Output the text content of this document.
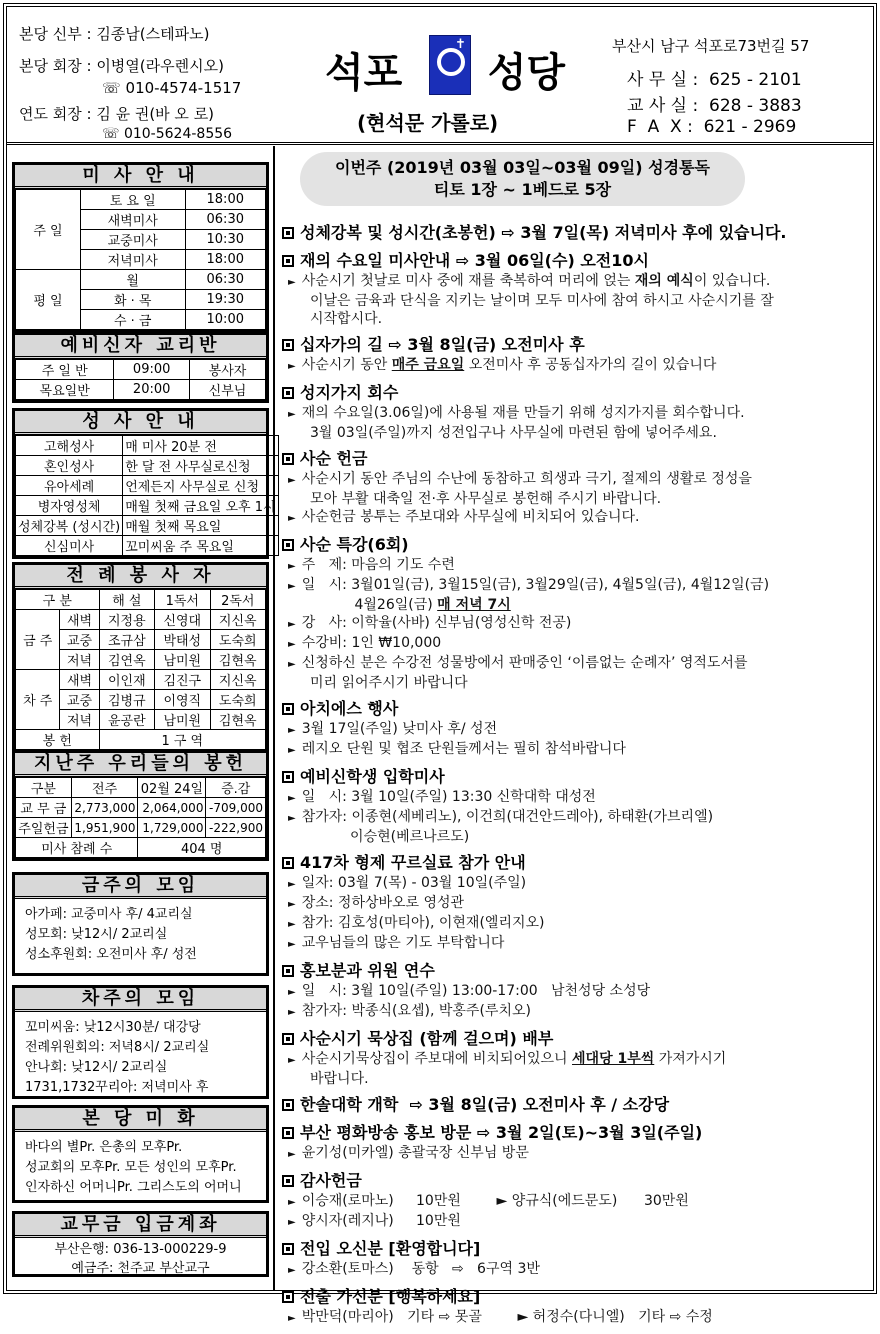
본당 신부 : 김종남(스테파노)
본당 회장 : 이병열(라우렌시오)
☏ 010-4574-1517
연도 회장 : 김 윤 권(바 오 로)
☏ 010-5624-8556
석포
✝
성당
(현석문 가롤로)
부산시 남구 석포로73번길 57
사 무 실 :  625 - 2101
교 사 실 :  628 - 3883
F  A  X :  621 - 2969
미 사 안 내
주 일	토 요 일	18:00
	새벽미사	06:30
	교중미사	10:30
	저녁미사	18:00
평 일	월	06:30
	화 · 목	19:30
	수 · 금	10:00
예비신자 교리반
주 일 반	09:00	봉사자
목요일반	20:00	신부님
성 사 안 내
고해성사	매 미사 20분 전
혼인성사	한 달 전 사무실로신청
유아세례	언제든지 사무실로 신청
병자영성체	매월 첫째 금요일 오후 1시
성체강복 (성시간)	매월 첫째 목요일
신심미사	꼬미씨움 주 목요일
전 례 봉 사 자
구 분		해 설	1독서	2독서
금 주	새벽	지정용	신영대	지신옥
	교중	조규삼	박태성	도숙희
	저녁	김연옥	남미원	김현옥
차 주	새벽	이인재	김진구	지신옥
	교중	김병규	이영직	도숙희
	저녁	윤공란	남미원	김현옥
봉 헌		1 구 역		
지난주 우리들의 봉헌
구분	전주	02월 24일	증.감
교 무 금	2,773,000	2,064,000	-709,000
주일헌금	1,951,900	1,729,000	-222,900
미사 참례 수		404 명	
금주의 모임
아가페: 교중미사 후/ 4교리실
성모회: 낮12시/ 2교리실
성소후원회: 오전미사 후/ 성전
차주의 모임
꼬미씨움: 낮12시30분/ 대강당
전례위원회의: 저녁8시/ 2교리실
안나회: 낮12시/ 2교리실
1731,1732꾸리아: 저녁미사 후
본 당 미 화
바다의 별Pr. 은총의 모후Pr.
성교회의 모후Pr. 모든 성인의 모후Pr.
인자하신 어머니Pr. 그리스도의 어머니
교무금 입금계좌
부산은행: 036-13-000229-9
예금주: 천주교 부산교구
이번주 (2019년 03월 03일~03월 09일) 성경통독
티토 1장 ~ 1베드로 5장
성체강복 및 성시간(초봉헌) ⇨ 3월 7일(목) 저녁미사 후에 있습니다.
재의 수요일 미사안내 ⇨ 3월 06일(수) 오전10시
► 사순시기 첫날로 미사 중에 재를 축복하여 머리에 얹는 재의 예식이 있습니다.
이날은 금육과 단식을 지키는 날이며 모두 미사에 참여 하시고 사순시기를 잘
시작합시다.
십자가의 길 ⇨ 3월 8일(금) 오전미사 후
► 사순시기 동안 매주 금요일 오전미사 후 공동십자가의 길이 있습니다
성지가지 회수
► 재의 수요일(3.06일)에 사용될 재를 만들기 위해 성지가지를 회수합니다.
3월 03일(주일)까지 성전입구나 사무실에 마련된 함에 넣어주세요.
사순 헌금
► 사순시기 동안 주님의 수난에 동참하고 희생과 극기, 절제의 생활로 정성을
모아 부활 대축일 전·후 사무실로 봉헌해 주시기 바랍니다.
► 사순헌금 봉투는 주보대와 사무실에 비치되어 있습니다.
사순 특강(6회)
► 주   제: 마음의 기도 수련
► 일   시: 3월01일(금), 3월15일(금), 3월29일(금), 4월5일(금), 4월12일(금)
4월26일(금) 매 저녁 7시
► 강   사: 이학율(사바) 신부님(영성신학 전공)
► 수강비: 1인 ₩10,000
► 신청하신 분은 수강전 성물방에서 판매중인 ‘이름없는 순례자’ 영적도서를
미리 읽어주시기 바랍니다
아치에스 행사
► 3월 17일(주일) 낮미사 후/ 성전
► 레지오 단원 및 협조 단원들께서는 필히 참석바랍니다
예비신학생 입학미사
► 일   시: 3월 10일(주일) 13:30 신학대학 대성전
► 참가자: 이종현(세베리노), 이건희(대건안드레아), 하태환(가브리엘)
이승현(베르나르도)
417차 형제 꾸르실료 참가 안내
► 일자: 03월 7(목) - 03월 10일(주일)
► 장소: 정하상바오로 영성관
► 참가: 김호성(마티아), 이현재(엘리지오)
► 교우님들의 많은 기도 부탁합니다
홍보분과 위원 연수
► 일   시: 3월 10일(주일) 13:00-17:00   남천성당 소성당
► 참가자: 박종식(요셉), 박홍주(루치오)
사순시기 묵상집 (함께 걸으며) 배부
► 사순시기묵상집이 주보대에 비치되어있으니 세대당 1부씩 가져가시기
바랍니다.
한솔대학 개학  ⇨ 3월 8일(금) 오전미사 후 / 소강당
부산 평화방송 홍보 방문 ⇨ 3월 2일(토)~3월 3일(주일)
► 윤기성(미카엘) 총괄국장 신부님 방문
감사헌금
► 이승재(로마노)     10만원        ► 양규식(에드문도)      30만원
► 양시자(레지나)     10만원
전입 오신분 [환영합니다]
► 강소환(토마스)    동항   ⇨   6구역 3반
전출 가신분 [행복하세요]
► 박만덕(마리아)   기타 ⇨ 못골        ► 허정수(다니엘)   기타 ⇨ 수정
